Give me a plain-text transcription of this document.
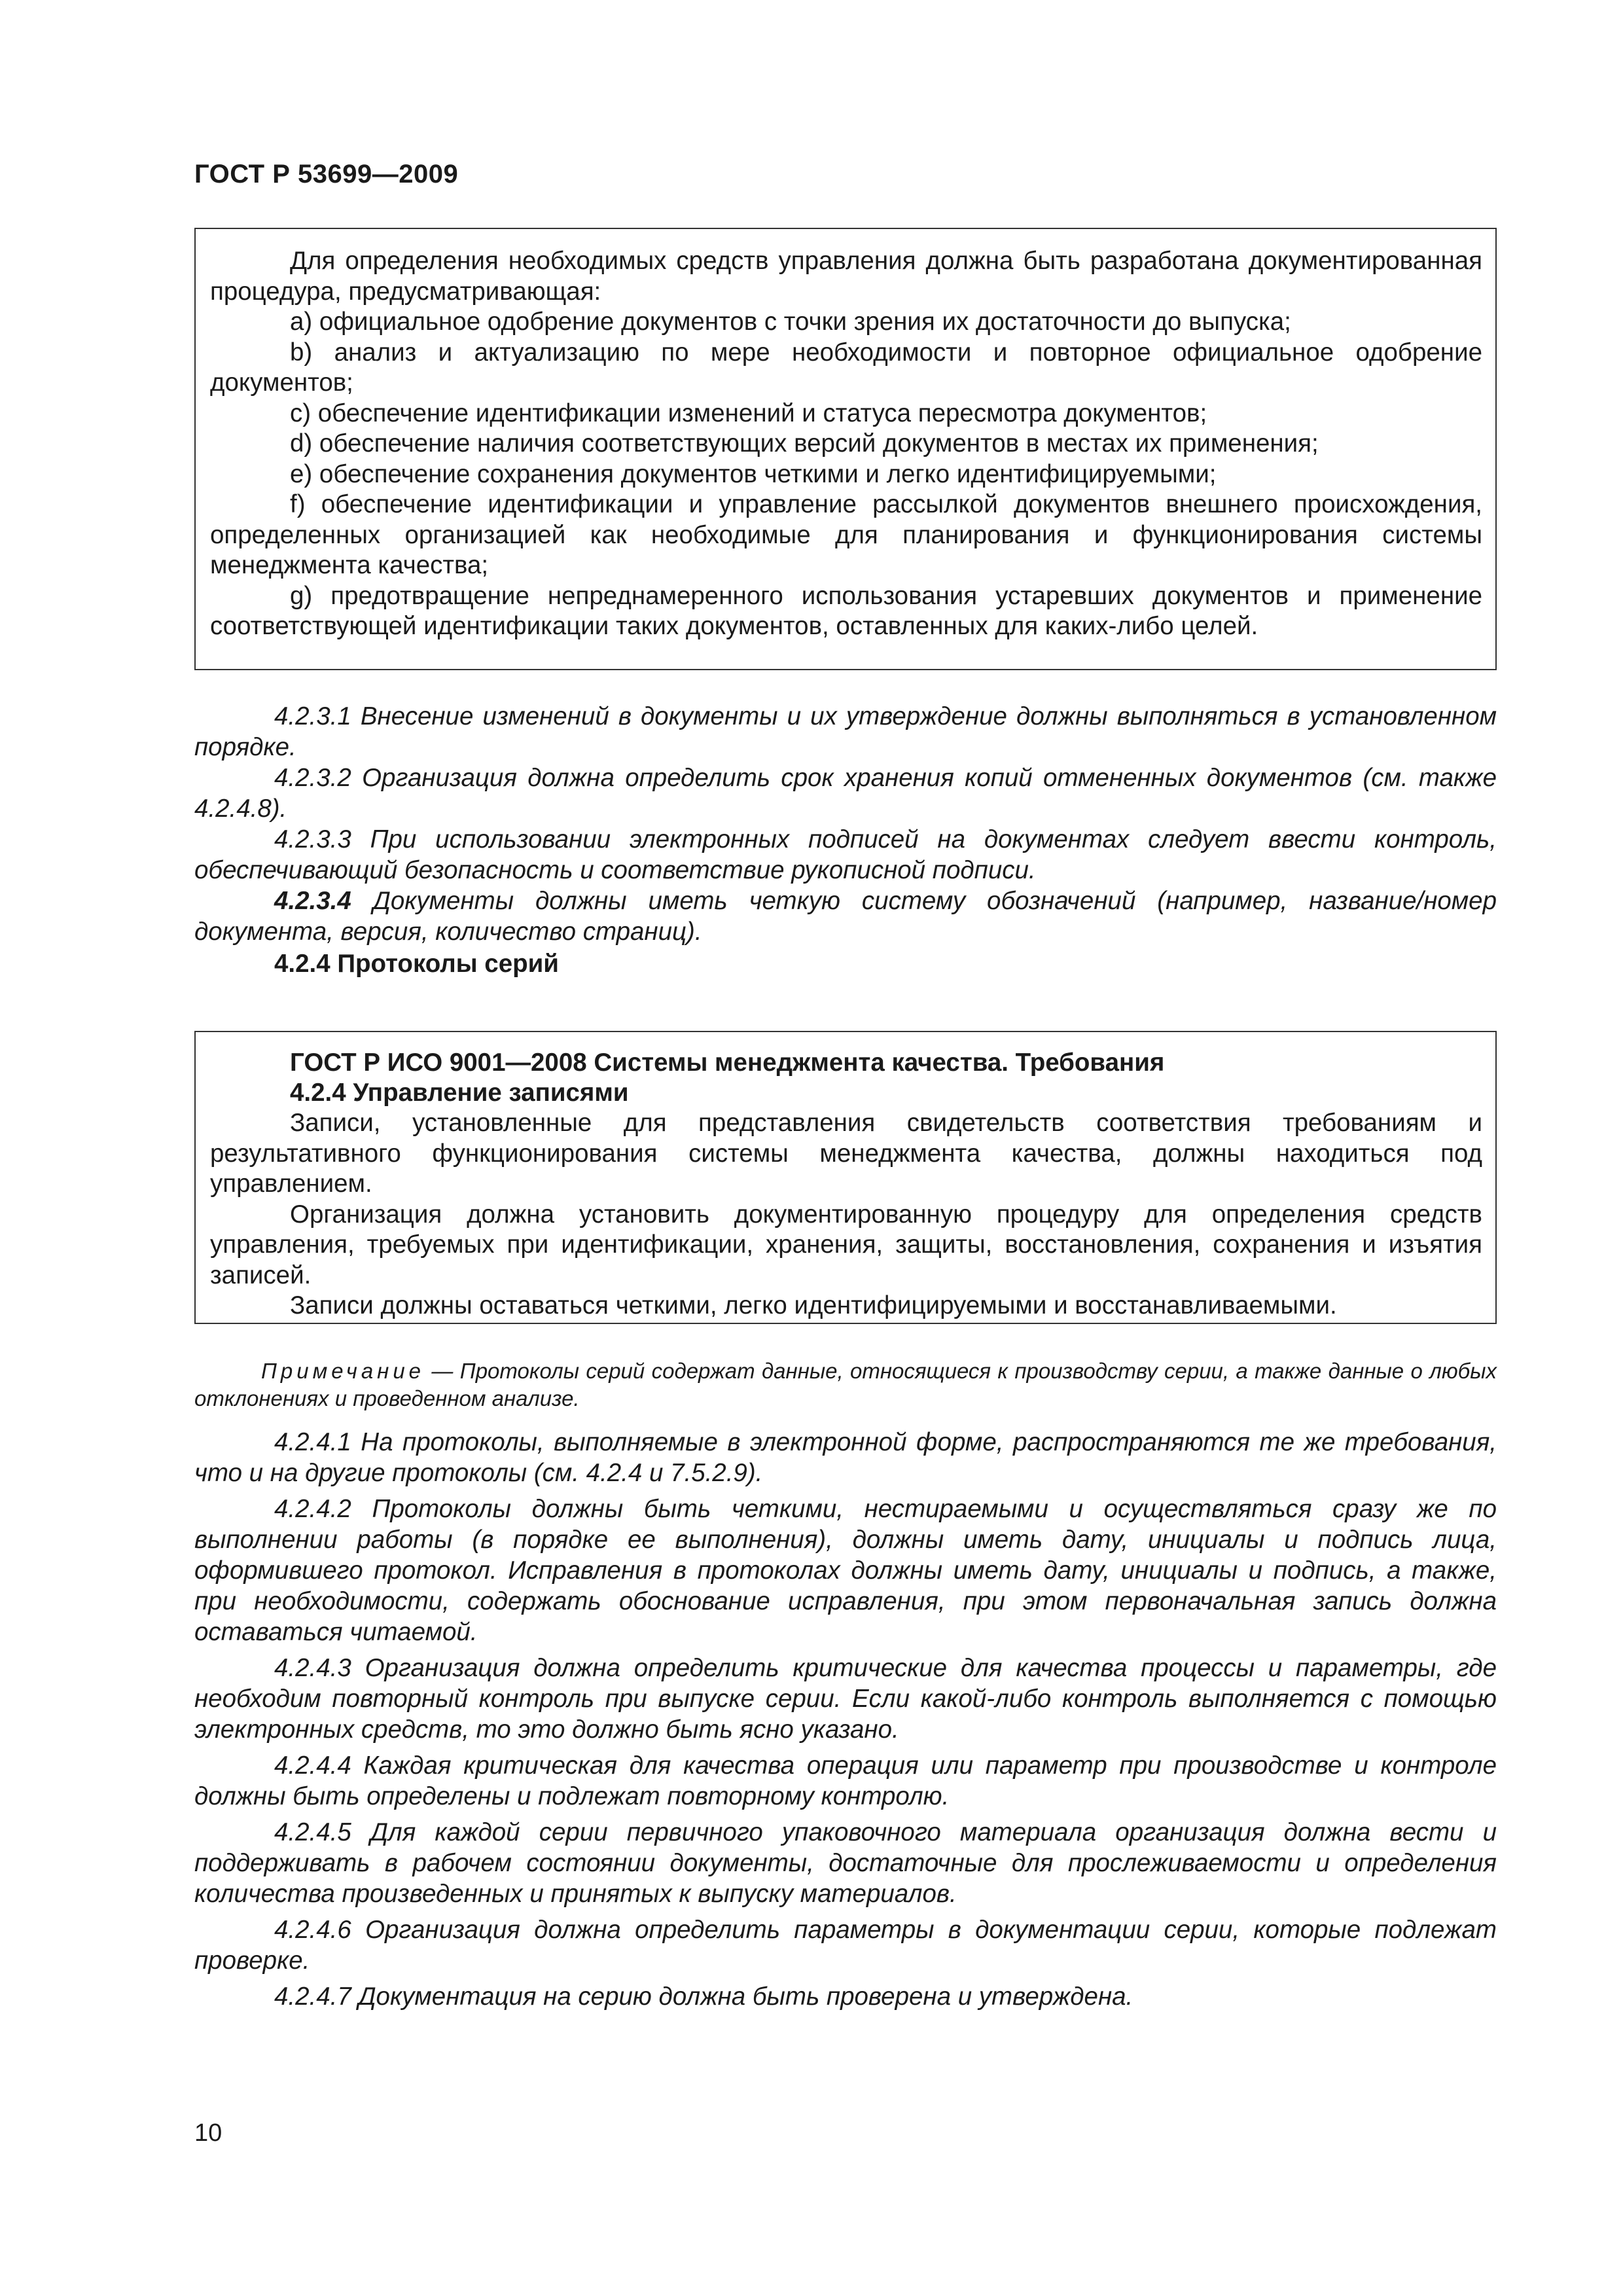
ГОСТ Р 53699—2009

Для определения необходимых средств управления должна быть разработана документированная процедура, предусматривающая:

a) официальное одобрение документов с точки зрения их достаточности до выпуска;

b) анализ и актуализацию по мере необходимости и повторное официальное одобрение документов;

c) обеспечение идентификации изменений и статуса пересмотра документов;

d) обеспечение наличия соответствующих версий документов в местах их применения;

e) обеспечение сохранения документов четкими и легко идентифицируемыми;

f) обеспечение идентификации и управление рассылкой документов внешнего происхождения, определенных организацией как необходимые для планирования и функционирования системы менеджмента качества;

g) предотвращение непреднамеренного использования устаревших документов и применение соответствующей идентификации таких документов, оставленных для каких-либо целей.

4.2.3.1 Внесение изменений в документы и их утверждение должны выполняться в установленном порядке.

4.2.3.2 Организация должна определить срок хранения копий отмененных документов (см. также 4.2.4.8).

4.2.3.3 При использовании электронных подписей на документах следует ввести контроль, обеспечивающий безопасность и соответствие рукописной подписи.

4.2.3.4 Документы должны иметь четкую систему обозначений (например, название/номер документа, версия, количество страниц).

4.2.4 Протоколы серий

ГОСТ Р ИСО 9001—2008 Системы менеджмента качества. Требования

4.2.4 Управление записями

Записи, установленные для представления свидетельств соответствия требованиям и результативного функционирования системы менеджмента качества, должны находиться под управлением.

Организация должна установить документированную процедуру для определения средств управления, требуемых при идентификации, хранения, защиты, восстановления, сохранения и изъятия записей.

Записи должны оставаться четкими, легко идентифицируемыми и восстанавливаемыми.

Примечание — Протоколы серий содержат данные, относящиеся к производству серии, а также данные о любых отклонениях и проведенном анализе.

4.2.4.1 На протоколы, выполняемые в электронной форме, распространяются те же требования, что и на другие протоколы (см. 4.2.4 и 7.5.2.9).

4.2.4.2 Протоколы должны быть четкими, нестираемыми и осуществляться сразу же по выполнении работы (в порядке ее выполнения), должны иметь дату, инициалы и подпись лица, оформившего протокол. Исправления в протоколах должны иметь дату, инициалы и подпись, а также, при необходимости, содержать обоснование исправления, при этом первоначальная запись должна оставаться читаемой.

4.2.4.3 Организация должна определить критические для качества процессы и параметры, где необходим повторный контроль при выпуске серии. Если какой-либо контроль выполняется с помощью электронных средств, то это должно быть ясно указано.

4.2.4.4 Каждая критическая для качества операция или параметр при производстве и контроле должны быть определены и подлежат повторному контролю.

4.2.4.5 Для каждой серии первичного упаковочного материала организация должна вести и поддерживать в рабочем состоянии документы, достаточные для прослеживаемости и определения количества произведенных и принятых к выпуску материалов.

4.2.4.6 Организация должна определить параметры в документации серии, которые подлежат проверке.

4.2.4.7 Документация на серию должна быть проверена и утверждена.

10
